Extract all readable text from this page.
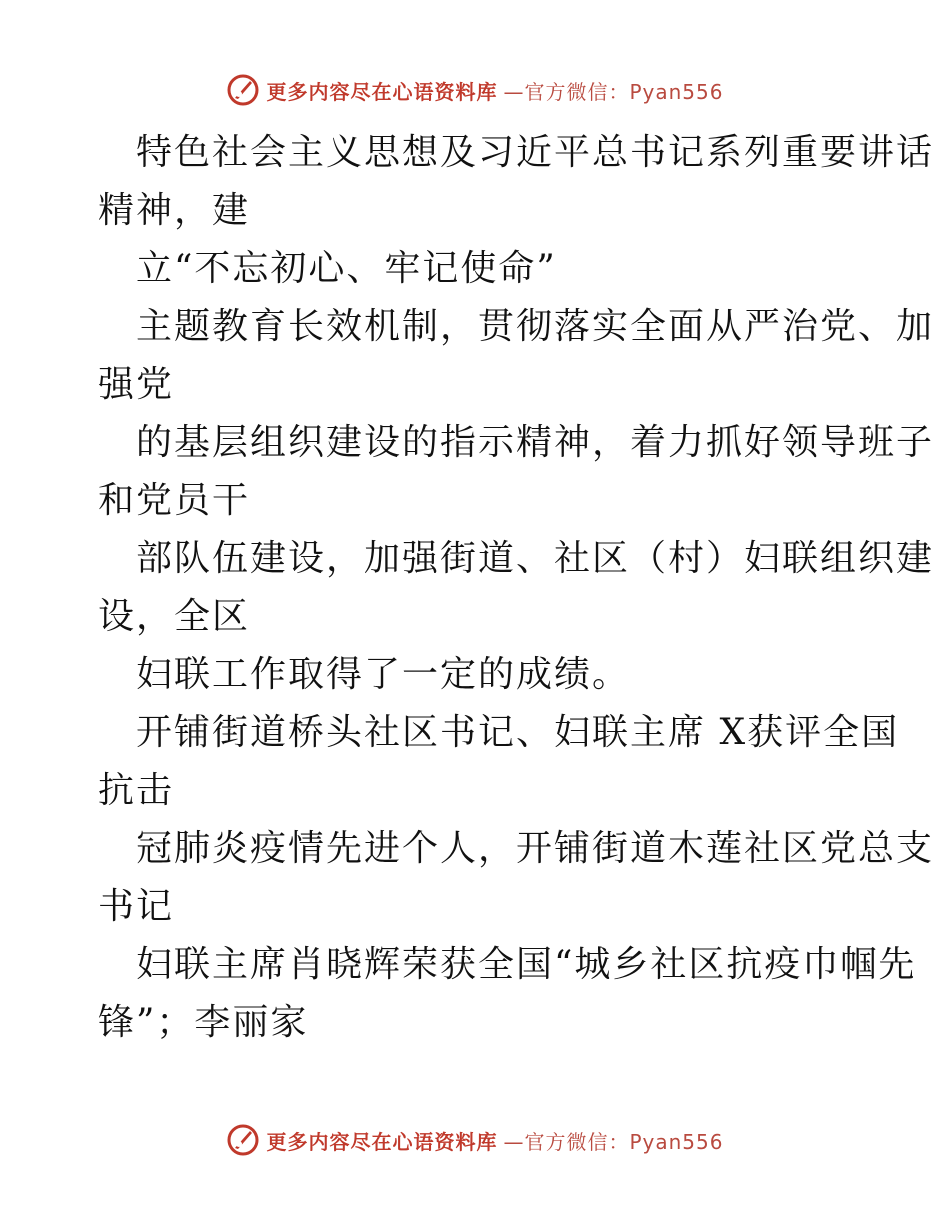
更多内容尽在心语资料库 —官方微信：Pyan556
特色社会主义思想及习近平总书记系列重要讲话
精神，建
立“不忘初心、牢记使命”
主题教育长效机制，贯彻落实全面从严治党、加
强党
的基层组织建设的指示精神，着力抓好领导班子
和党员干
部队伍建设，加强街道、社区（村）妇联组织建
设，全区
妇联工作取得了一定的成绩。
开铺街道桥头社区书记、妇联主席 X获评全国
抗击
冠肺炎疫情先进个人，开铺街道木莲社区党总支
书记
妇联主席肖晓辉荣获全国“城乡社区抗疫巾帼先
锋”；李丽家
更多内容尽在心语资料库 —官方微信：Pyan556
